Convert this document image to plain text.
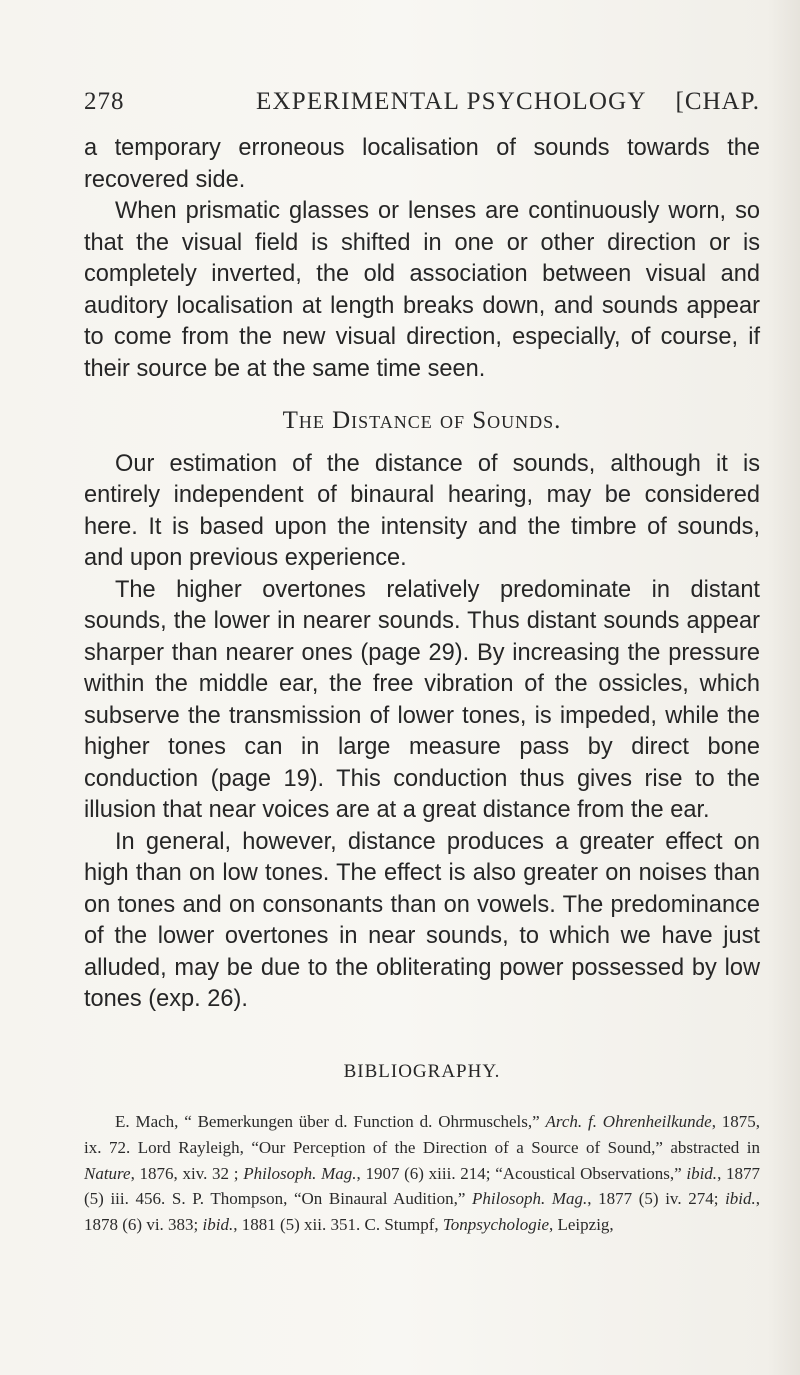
278	EXPERIMENTAL PSYCHOLOGY [CHAP.

a temporary erroneous localisation of sounds towards the recovered side.

When prismatic glasses or lenses are continuously worn, so that the visual field is shifted in one or other direction or is completely inverted, the old association between visual and auditory localisation at length breaks down, and sounds appear to come from the new visual direction, especially, of course, if their source be at the same time seen.

The Distance of Sounds.

Our estimation of the distance of sounds, although it is entirely independent of binaural hearing, may be considered here. It is based upon the intensity and the timbre of sounds, and upon previous experience.

The higher overtones relatively predominate in distant sounds, the lower in nearer sounds. Thus distant sounds appear sharper than nearer ones (page 29). By increasing the pressure within the middle ear, the free vibration of the ossicles, which subserve the transmission of lower tones, is impeded, while the higher tones can in large measure pass by direct bone conduction (page 19). This conduction thus gives rise to the illusion that near voices are at a great distance from the ear.

In general, however, distance produces a greater effect on high than on low tones. The effect is also greater on noises than on tones and on consonants than on vowels. The predominance of the lower overtones in near sounds, to which we have just alluded, may be due to the obliterating power possessed by low tones (exp. 26).

BIBLIOGRAPHY.

E. Mach, “ Bemerkungen über d. Function d. Ohrmuschels,” Arch. f. Ohrenheilkunde, 1875, ix. 72. Lord Rayleigh, “Our Perception of the Direction of a Source of Sound,” abstracted in Nature, 1876, xiv. 32 ; Philosoph. Mag., 1907 (6) xiii. 214; “Acoustical Observations,” ibid., 1877 (5) iii. 456. S. P. Thompson, “On Binaural Audition,” Philosoph. Mag., 1877 (5) iv. 274; ibid., 1878 (6) vi. 383; ibid., 1881 (5) xii. 351. C. Stumpf, Tonpsychologie, Leipzig,
